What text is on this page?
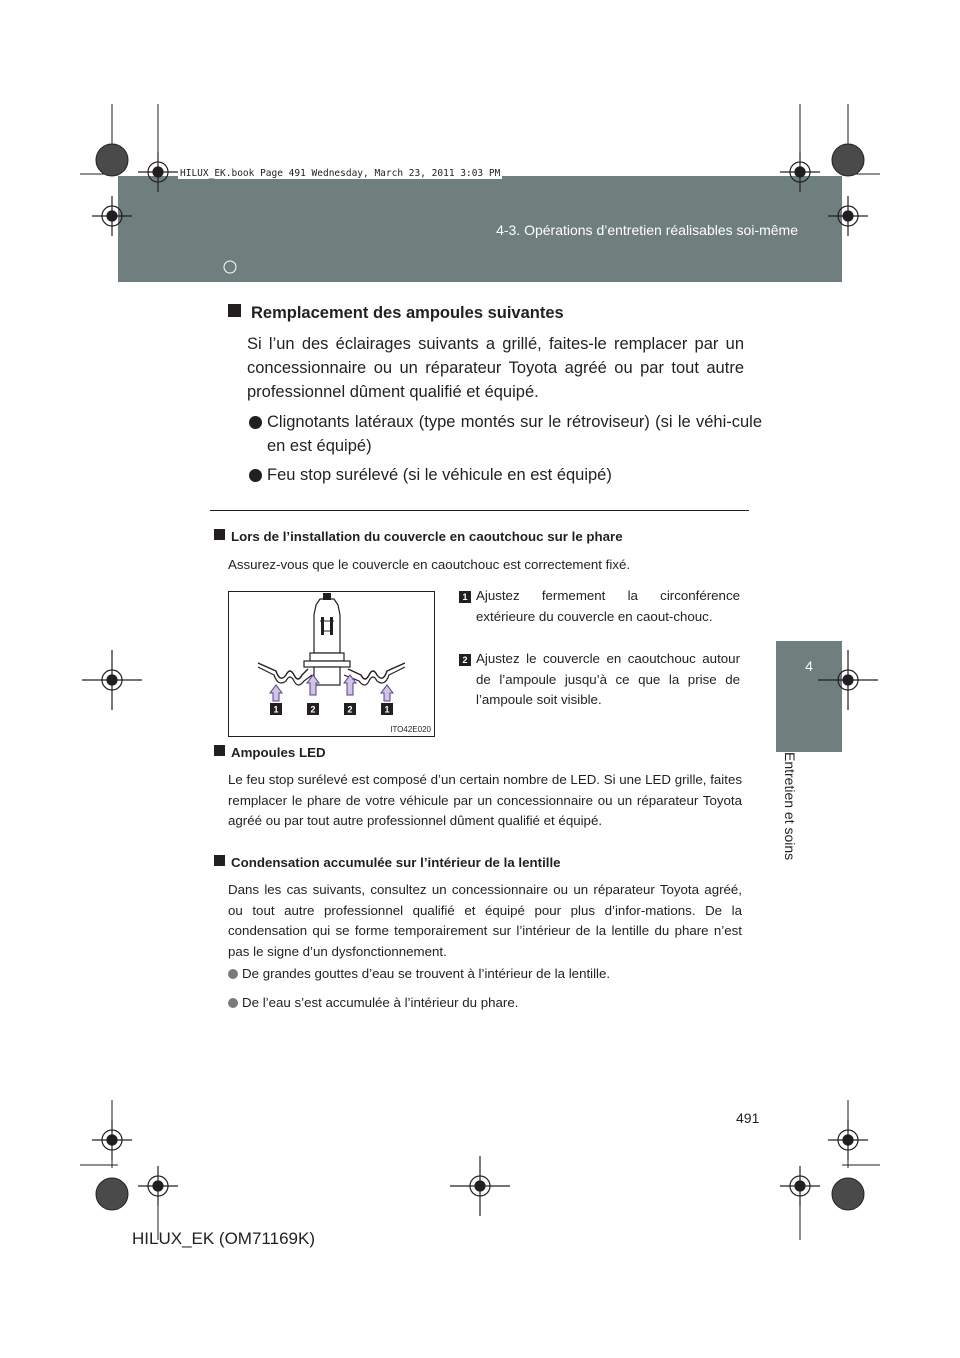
4-3. Opérations d’entretien réalisables soi-même
HILUX_EK.book Page 491 Wednesday, March 23, 2011 3:03 PM
4
Entretien et soins
Remplacement des ampoules suivantes
Si l’un des éclairages suivants a grillé, faites-le remplacer par un concessionnaire ou un réparateur Toyota agréé ou par tout autre professionnel dûment qualifié et équipé.
Clignotants latéraux (type montés sur le rétroviseur) (si le véhi-cule en est équipé)
Feu stop surélevé (si le véhicule en est équipé)
Lors de l’installation du couvercle en caoutchouc sur le phare
Assurez-vous que le couvercle en caoutchouc est correctement fixé.
1	2	2	1
ITO42E020
1 Ajustez fermement la circonférence extérieure du couvercle en caout-chouc.
2 Ajustez le couvercle en caoutchouc autour de l’ampoule jusqu’à ce que la prise de l’ampoule soit visible.
Ampoules LED
Le feu stop surélevé est composé d’un certain nombre de LED. Si une LED grille, faites remplacer le phare de votre véhicule par un concessionnaire ou un réparateur Toyota agréé ou par tout autre professionnel dûment qualifié et équipé.
Condensation accumulée sur l’intérieur de la lentille
Dans les cas suivants, consultez un concessionnaire ou un réparateur Toyota agréé, ou tout autre professionnel qualifié et équipé pour plus d’infor-mations. De la condensation qui se forme temporairement sur l’intérieur de la lentille du phare n’est pas le signe d’un dysfonctionnement.
De grandes gouttes d’eau se trouvent à l’intérieur de la lentille.
De l’eau s’est accumulée à l’intérieur du phare.
491
HILUX_EK (OM71169K)
